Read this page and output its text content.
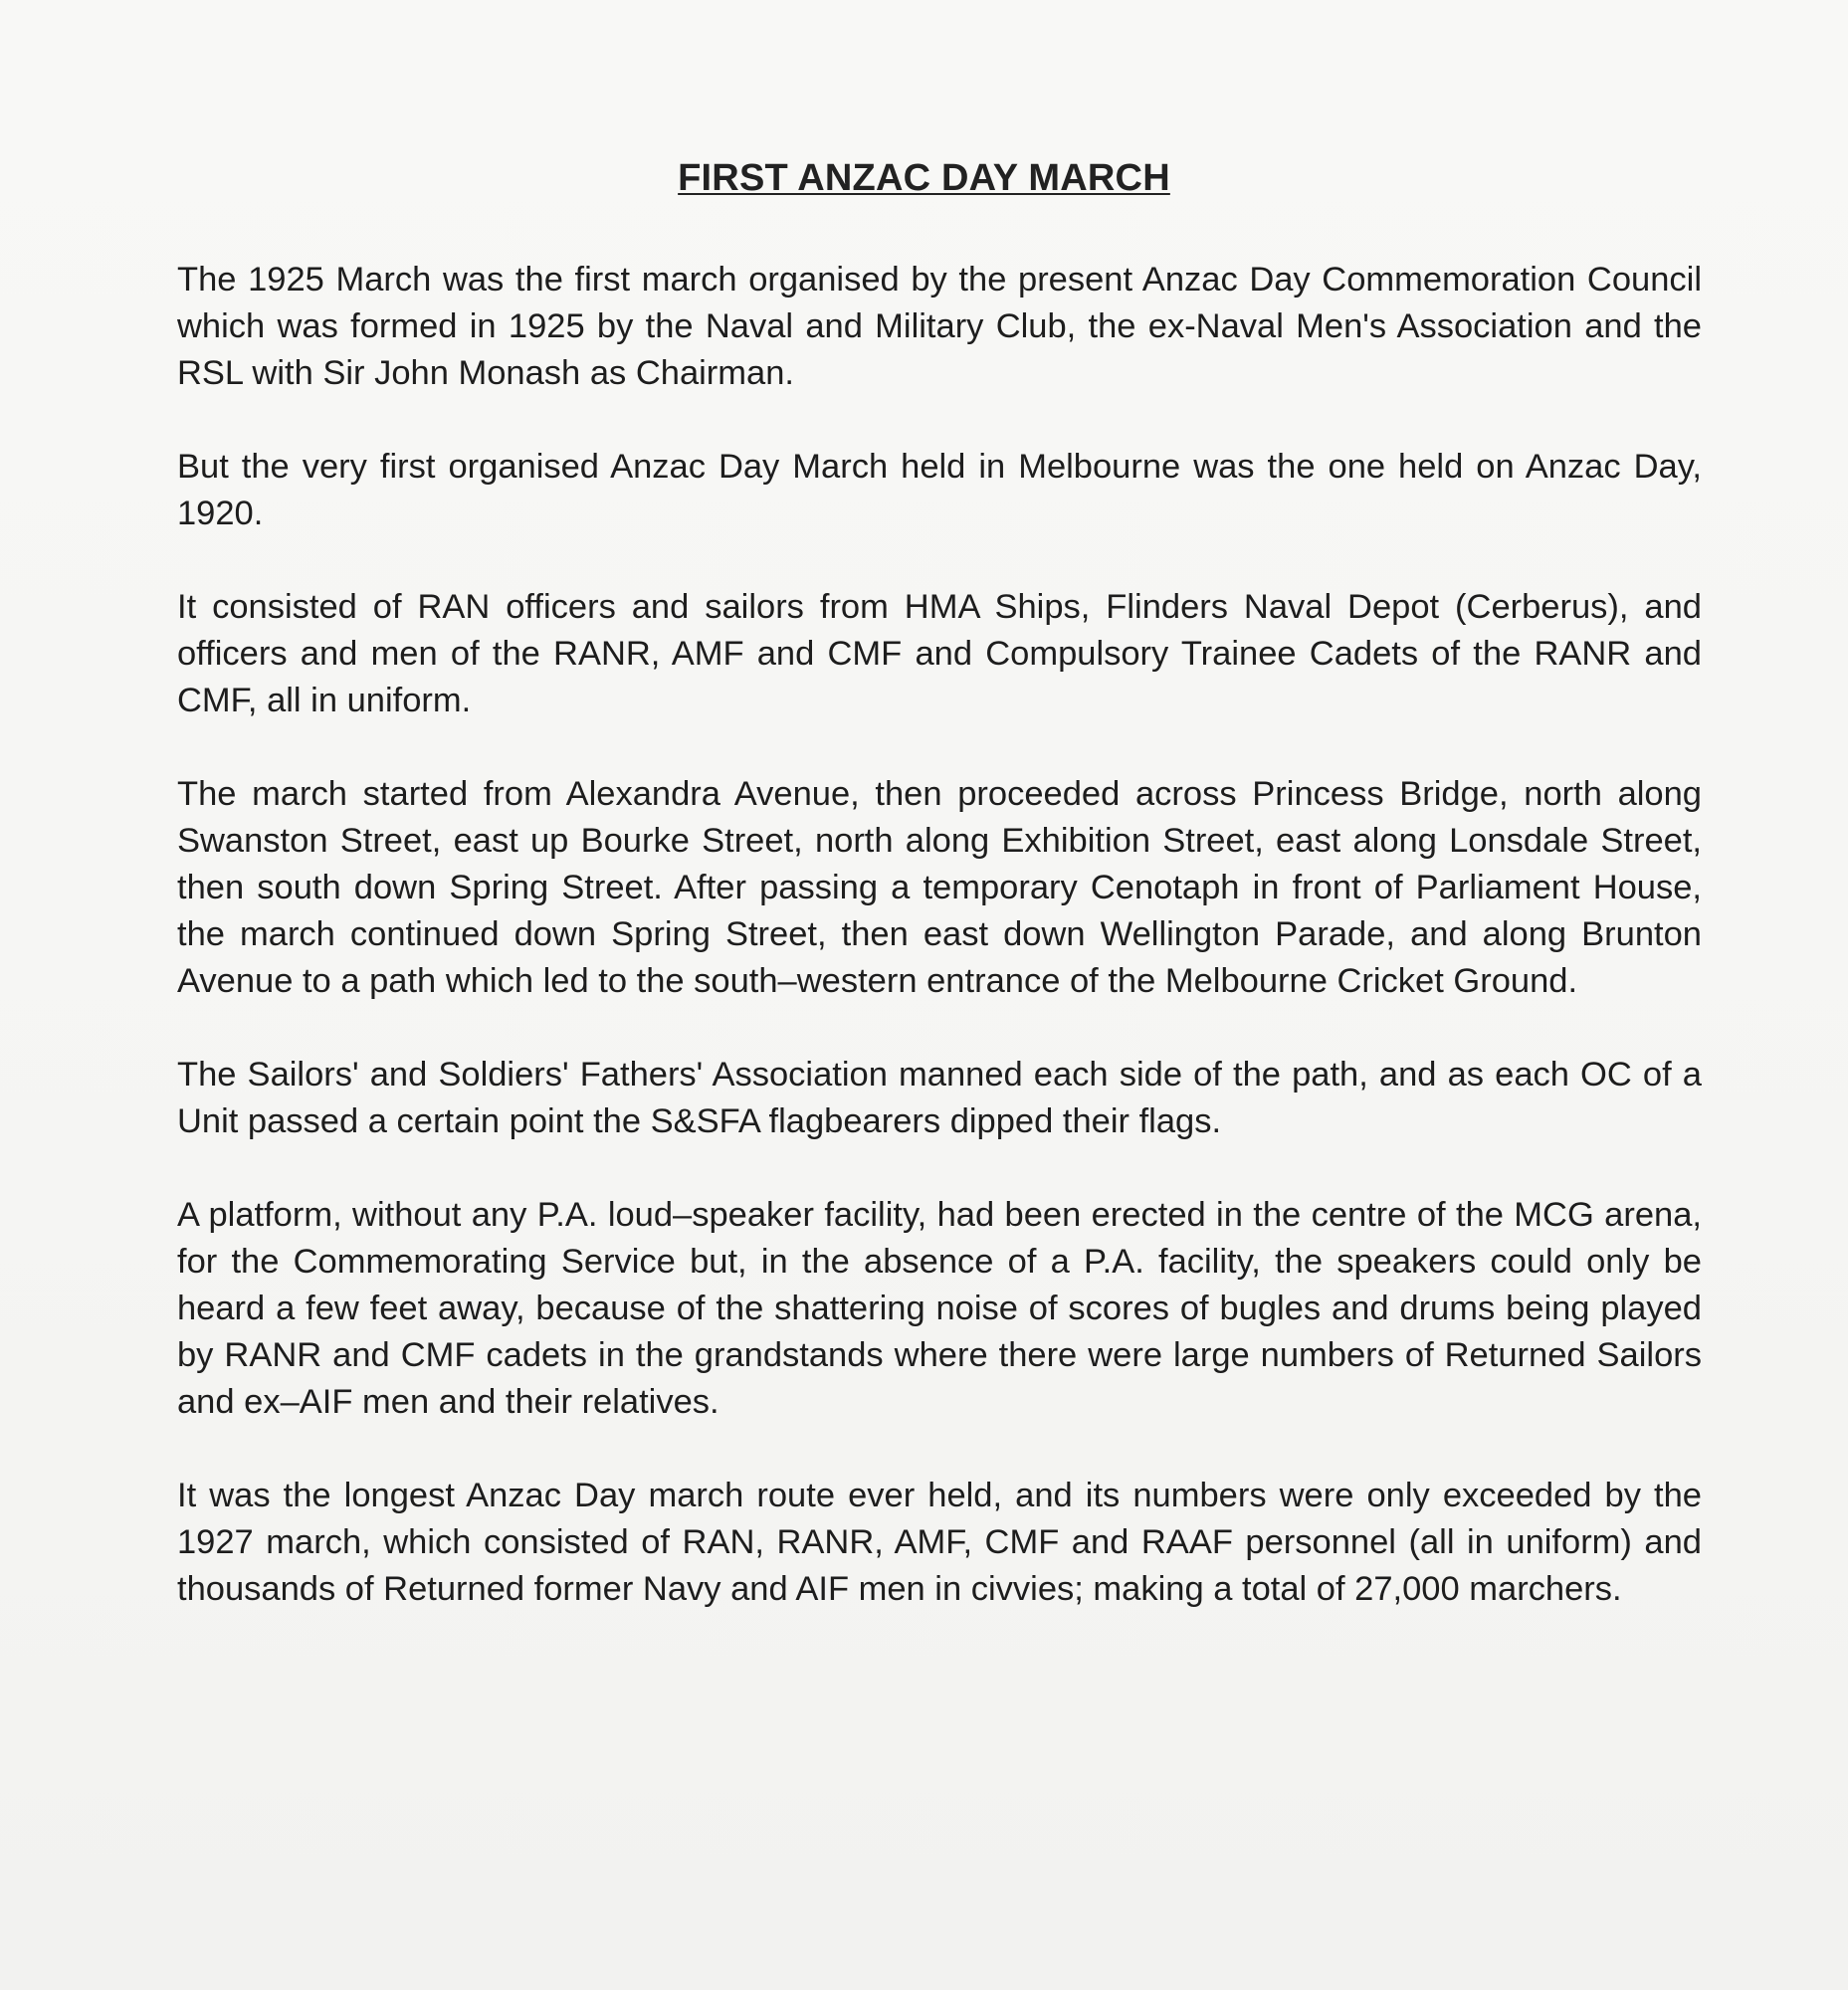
FIRST ANZAC DAY MARCH

The 1925 March was the first march organised by the present Anzac Day Commemoration Council which was formed in 1925 by the Naval and Military Club, the ex-Naval Men's Association and the RSL with Sir John Monash as Chairman.

But the very first organised Anzac Day March held in Melbourne was the one held on Anzac Day, 1920.

It consisted of RAN officers and sailors from HMA Ships, Flinders Naval Depot (Cerberus), and officers and men of the RANR, AMF and CMF and Compulsory Trainee Cadets of the RANR and CMF, all in uniform.

The march started from Alexandra Avenue, then proceeded across Princess Bridge, north along Swanston Street, east up Bourke Street, north along Exhibition Street, east along Lonsdale Street, then south down Spring Street. After passing a temporary Cenotaph in front of Parliament House, the march continued down Spring Street, then east down Wellington Parade, and along Brunton Avenue to a path which led to the south–western entrance of the Melbourne Cricket Ground.

The Sailors' and Soldiers' Fathers' Association manned each side of the path, and as each OC of a Unit passed a certain point the S&SFA flagbearers dipped their flags.

A platform, without any P.A. loud–speaker facility, had been erected in the centre of the MCG arena, for the Commemorating Service but, in the absence of a P.A. facility, the speakers could only be heard a few feet away, because of the shattering noise of scores of bugles and drums being played by RANR and CMF cadets in the grandstands where there were large numbers of Returned Sailors and ex–AIF men and their relatives.

It was the longest Anzac Day march route ever held, and its numbers were only exceeded by the 1927 march, which consisted of RAN, RANR, AMF, CMF and RAAF personnel (all in uniform) and thousands of Returned former Navy and AIF men in civvies; making a total of 27,000 marchers.
